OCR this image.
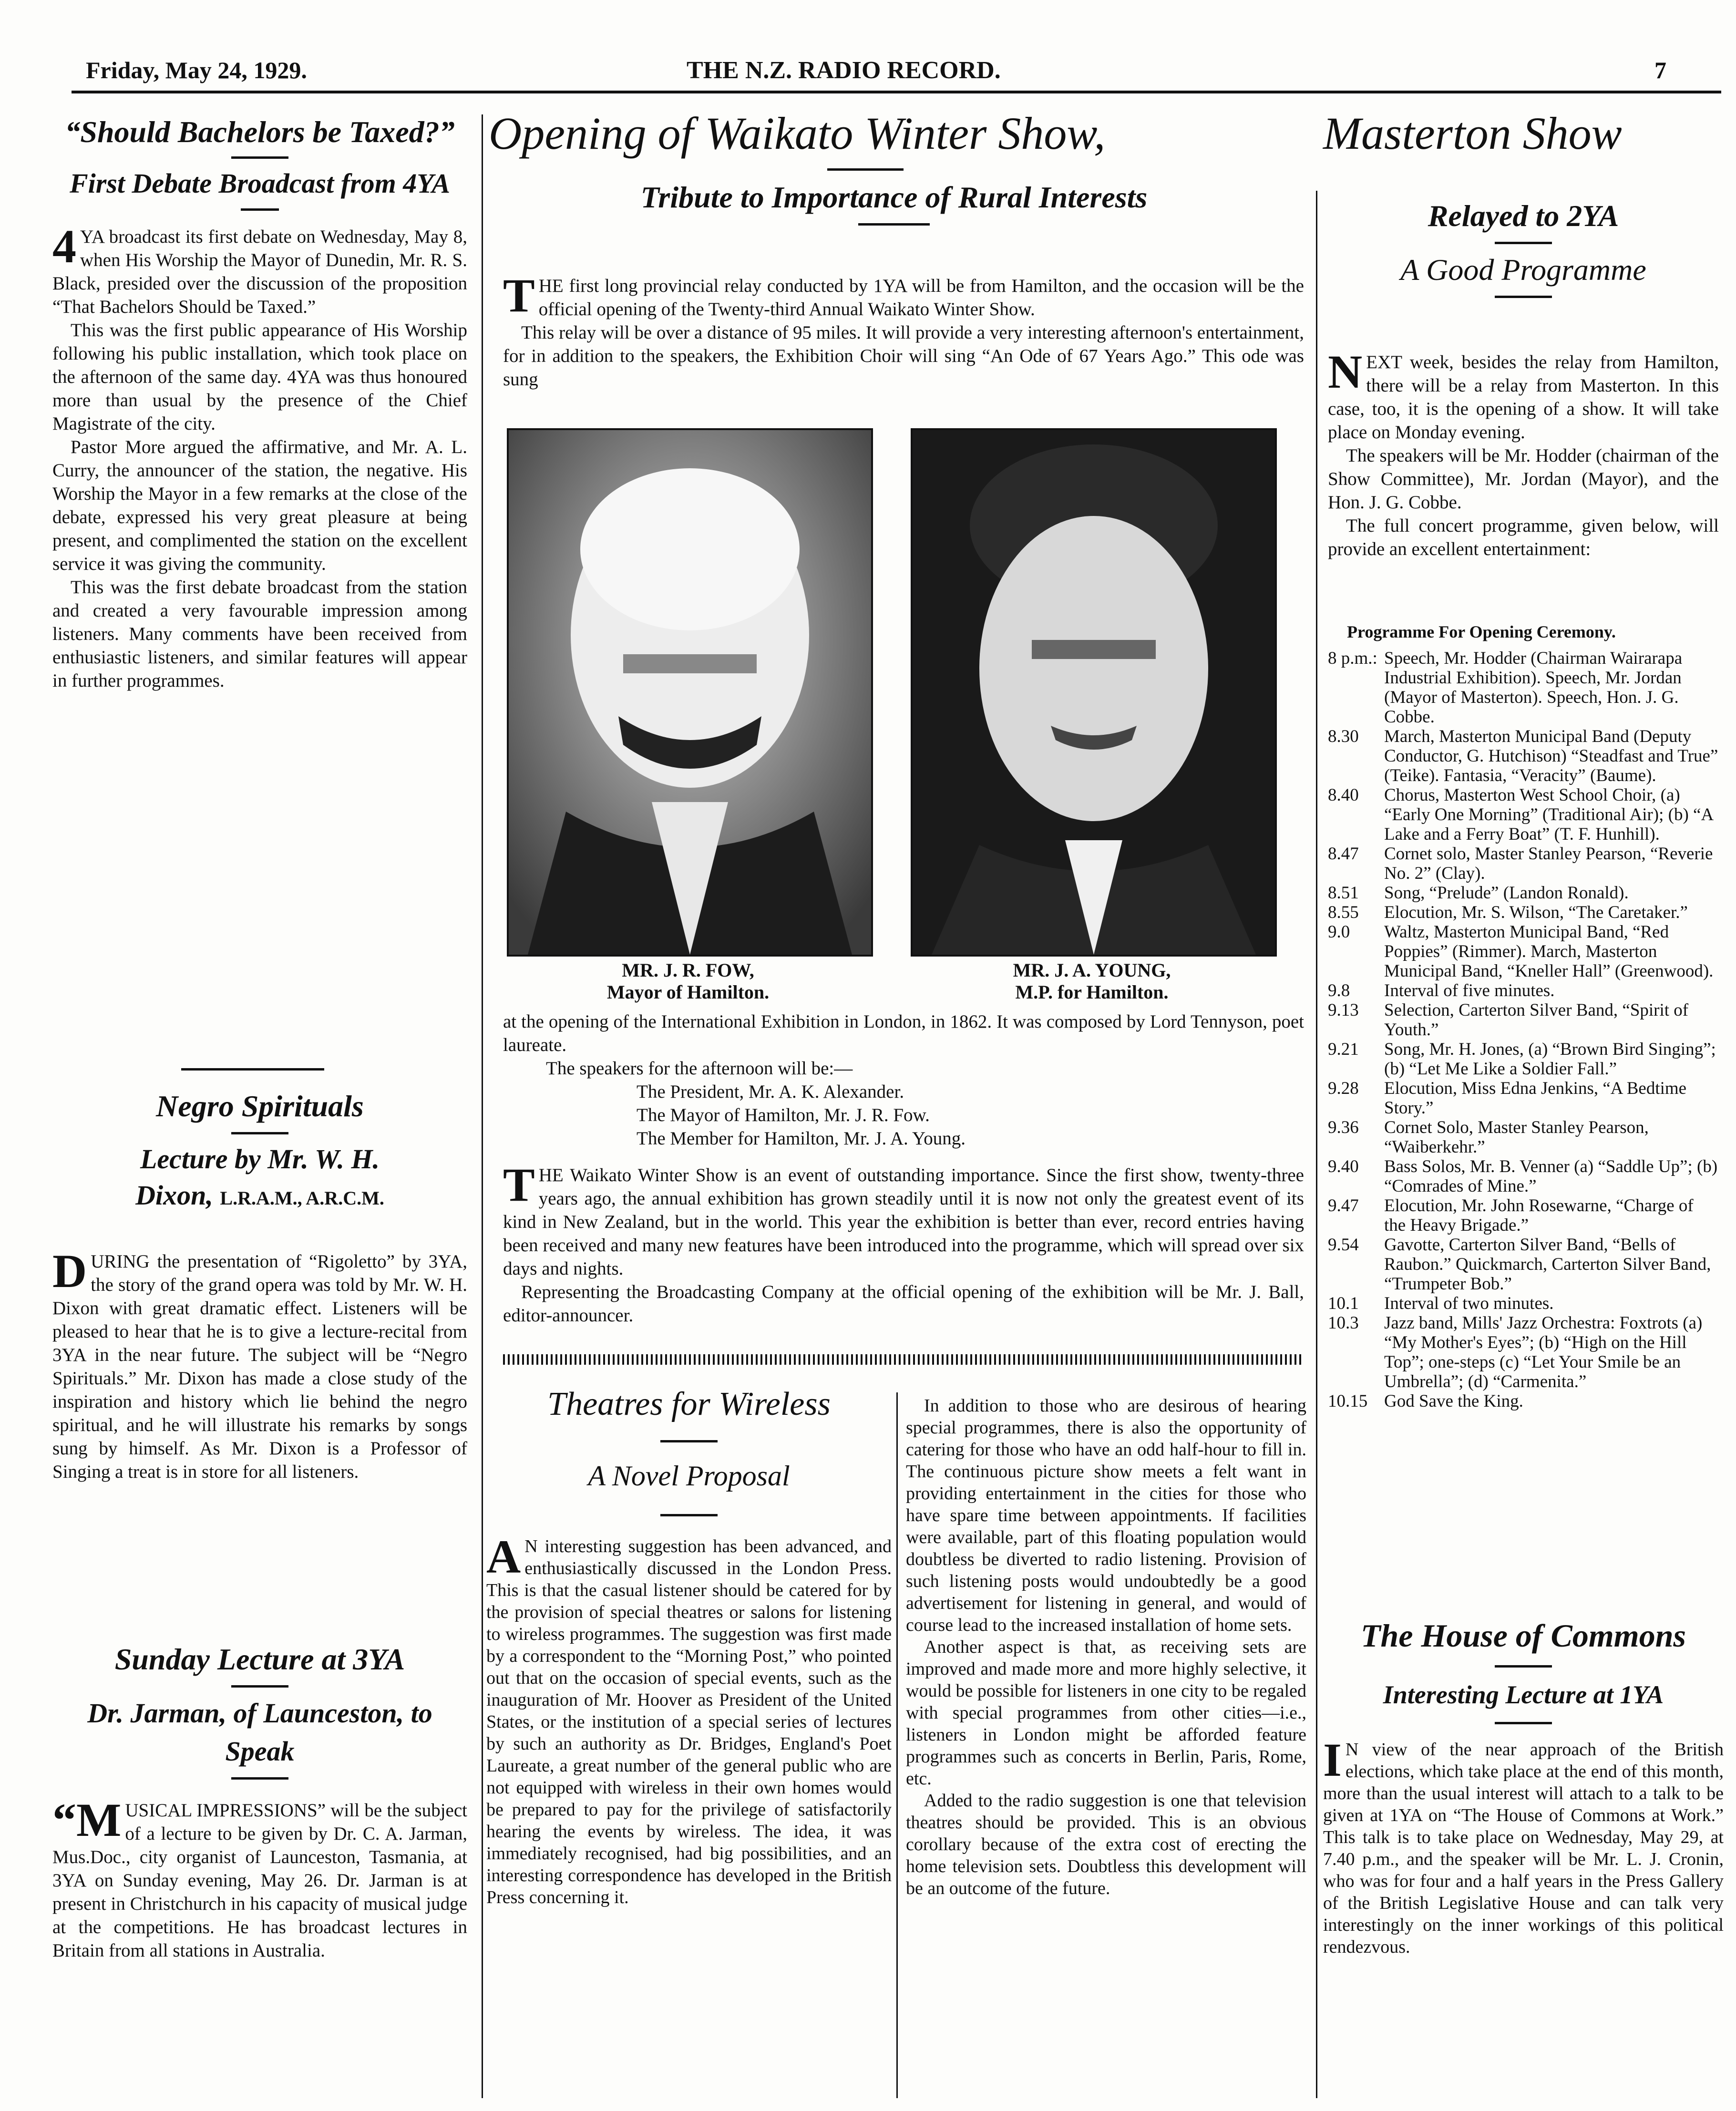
Friday, May 24, 1929.	THE N.Z. RADIO RECORD.	7
“Should Bachelors be Taxed?”
First Debate Broadcast from 4YA

4 YA broadcast its first debate on Wednesday, May 8, when His Worship the Mayor of Dunedin, Mr. R. S. Black, presided over the discussion of the proposition “That Bachelors Should be Taxed.”

This was the first public appearance of His Worship following his public installation, which took place on the afternoon of the same day. 4YA was thus honoured more than usual by the presence of the Chief Magistrate of the city.

Pastor More argued the affirmative, and Mr. A. L. Curry, the announcer of the station, the negative. His Worship the Mayor in a few remarks at the close of the debate, expressed his very great pleasure at being present, and complimented the station on the excellent service it was giving the community.

This was the first debate broadcast from the station and created a very favourable impression among listeners. Many comments have been received from enthusiastic listeners, and similar features will appear in further programmes.

Negro Spirituals
Lecture by Mr. W. H.
Dixon, L.R.A.M., A.R.C.M.

DURING the presentation of “Rigoletto” by 3YA, the story of the grand opera was told by Mr. W. H. Dixon with great dramatic effect. Listeners will be pleased to hear that he is to give a lecture-recital from 3YA in the near future. The subject will be “Negro Spirituals.” Mr. Dixon has made a close study of the inspiration and history which lie behind the negro spiritual, and he will illustrate his remarks by songs sung by himself. As Mr. Dixon is a Professor of Singing a treat is in store for all listeners.

Sunday Lecture at 3YA
Dr. Jarman, of Launceston, to Speak

“MUSICAL IMPRESSIONS” will be the subject of a lecture to be given by Dr. C. A. Jarman, Mus.Doc., city organist of Launceston, Tasmania, at 3YA on Sunday evening, May 26. Dr. Jarman is at present in Christchurch in his capacity of musical judge at the competitions. He has broadcast lectures in Britain from all stations in Australia.

Opening of Waikato Winter Show,
Tribute to Importance of Rural Interests

THE first long provincial relay conducted by 1YA will be from Hamilton, and the occasion will be the official opening of the Twenty-third Annual Waikato Winter Show.

This relay will be over a distance of 95 miles. It will provide a very interesting afternoon's entertainment, for in addition to the speakers, the Exhibition Choir will sing “An Ode of 67 Years Ago.” This ode was sung

MR. J. R. FOW,
Mayor of Hamilton.
MR. J. A. YOUNG,
M.P. for Hamilton.

at the opening of the International Exhibition in London, in 1862. It was composed by Lord Tennyson, poet laureate.

The speakers for the afternoon will be:—

The President, Mr. A. K. Alexander.
The Mayor of Hamilton, Mr. J. R. Fow.
The Member for Hamilton, Mr. J. A. Young.

THE Waikato Winter Show is an event of outstanding importance. Since the first show, twenty-three years ago, the annual exhibition has grown steadily until it is now not only the greatest event of its kind in New Zealand, but in the world. This year the exhibition is better than ever, record entries having been received and many new features have been introduced into the programme, which will spread over six days and nights.

Representing the Broadcasting Company at the official opening of the exhibition will be Mr. J. Ball, editor-announcer.

Theatres for Wireless
A Novel Proposal

A N interesting suggestion has been advanced, and enthusiastically discussed in the London Press. This is that the casual listener should be catered for by the provision of special theatres or salons for listening to wireless programmes. The suggestion was first made by a correspondent to the “Morning Post,” who pointed out that on the occasion of special events, such as the inauguration of Mr. Hoover as President of the United States, or the institution of a special series of lectures by such an authority as Dr. Bridges, England's Poet Laureate, a great number of the general public who are not equipped with wireless in their own homes would be prepared to pay for the privilege of satisfactorily hearing the events by wireless. The idea, it was immediately recognised, had big possibilities, and an interesting correspondence has developed in the British Press concerning it.

In addition to those who are desirous of hearing special programmes, there is also the opportunity of catering for those who have an odd half-hour to fill in. The continuous picture show meets a felt want in providing entertainment in the cities for those who have spare time between appointments. If facilities were available, part of this floating population would doubtless be diverted to radio listening. Provision of such listening posts would undoubtedly be a good advertisement for listening in general, and would of course lead to the increased installation of home sets.

Another aspect is that, as receiving sets are improved and made more and more highly selective, it would be possible for listeners in one city to be regaled with special programmes from other cities—i.e., listeners in London might be afforded feature programmes such as concerts in Berlin, Paris, Rome, etc.

Added to the radio suggestion is one that television theatres should be provided. This is an obvious corollary because of the extra cost of erecting the home television sets. Doubtless this development will be an outcome of the future.

Masterton Show
Relayed to 2YA
A Good Programme

NEXT week, besides the relay from Hamilton, there will be a relay from Masterton. In this case, too, it is the opening of a show. It will take place on Monday evening.

The speakers will be Mr. Hodder (chairman of the Show Committee), Mr. Jordan (Mayor), and the Hon. J. G. Cobbe.

The full concert programme, given below, will provide an excellent entertainment:

Programme For Opening Ceremony.
8 p.m.: Speech, Mr. Hodder (Chairman Wairarapa Industrial Exhibition). Speech, Mr. Jordan (Mayor of Masterton). Speech, Hon. J. G. Cobbe.
8.30	March, Masterton Municipal Band (Deputy Conductor, G. Hutchison) “Steadfast and True” (Teike). Fantasia, “Veracity” (Baume).
8.40	Chorus, Masterton West School Choir, (a) “Early One Morning” (Traditional Air); (b) “A Lake and a Ferry Boat” (T. F. Hunhill).
8.47	Cornet solo, Master Stanley Pearson, “Reverie No. 2” (Clay).
8.51	Song, “Prelude” (Landon Ronald).
8.55	Elocution, Mr. S. Wilson, “The Caretaker.”
9.0	Waltz, Masterton Municipal Band, “Red Poppies” (Rimmer). March, Masterton Municipal Band, “Kneller Hall” (Greenwood).
9.8	Interval of five minutes.
9.13	Selection, Carterton Silver Band, “Spirit of Youth.”
9.21	Song, Mr. H. Jones, (a) “Brown Bird Singing”; (b) “Let Me Like a Soldier Fall.”
9.28	Elocution, Miss Edna Jenkins, “A Bedtime Story.”
9.36	Cornet Solo, Master Stanley Pearson, “Waiberkehr.”
9.40	Bass Solos, Mr. B. Venner (a) “Saddle Up”; (b) “Comrades of Mine.”
9.47	Elocution, Mr. John Rosewarne, “Charge of the Heavy Brigade.”
9.54	Gavotte, Carterton Silver Band, “Bells of Raubon.” Quickmarch, Carterton Silver Band, “Trumpeter Bob.”
10.1	Interval of two minutes.
10.3	Jazz band, Mills' Jazz Orchestra: Foxtrots (a) “My Mother's Eyes”; (b) “High on the Hill Top”; one-steps (c) “Let Your Smile be an Umbrella”; (d) “Carmenita.”
10.15 God Save the King.
The House of Commons
Interesting Lecture at 1YA

I N view of the near approach of the British elections, which take place at the end of this month, more than the usual interest will attach to a talk to be given at 1YA on “The House of Commons at Work.” This talk is to take place on Wednesday, May 29, at 7.40 p.m., and the speaker will be Mr. L. J. Cronin, who was for four and a half years in the Press Gallery of the British Legislative House and can talk very interestingly on the inner workings of this political rendezvous.
